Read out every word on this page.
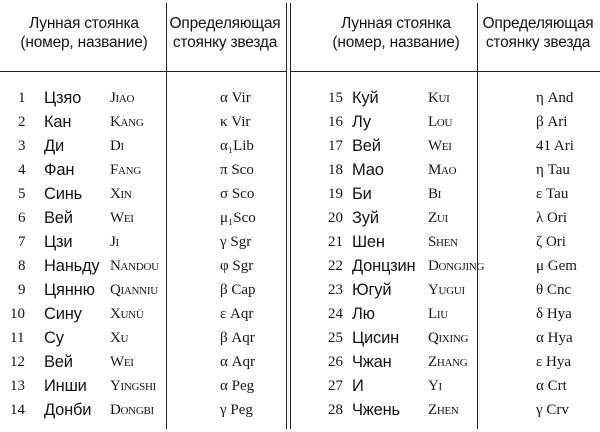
Лунная стоянка
(номер, название)
Определяющая
стоянку звезда
Лунная стоянка
(номер, название)
Определяющая
стоянку звезда
1 Цзяо Jiao	α Vir
2 Кан	Kang	κ Vir
3 Ди	Di	α₁Lib
4 Фан Fang	π Sco
5 Синь Xin	σ Sco
6 Вей Wei	μ₁Sco
7 Цзи	Ji	γ Sgr
8 Наньду Nandou	φ Sgr
9 Цянню Qianniu	β Cap
10 Сину Xunü	ε Aqr
11 Су	Xu	β Aqr
12 Вей Wei	α Aqr
13 Инши Yingshi	α Peg
14 Донби Dongbi	γ Peg
15 Куй	Kui	η And
16 Лу	Lou	β Ari
17 Вей	Wei	41 Ari
18 Мао	Mao	η Tau
19 Би	Bi	ε Tau
20 Зуй	Zui	λ Ori
21 Шен	Shen	ζ Ori
22 Донцзин Dongjing	μ Gem
23 Югуй Yugui	θ Cnc
24 Лю	Liu	δ Hya
25 Цисин Qixing	α Hya
26 Чжан Zhang	ε Hya
27 И	Yi	α Crt
28 Чжень Zhen	γ Crv
